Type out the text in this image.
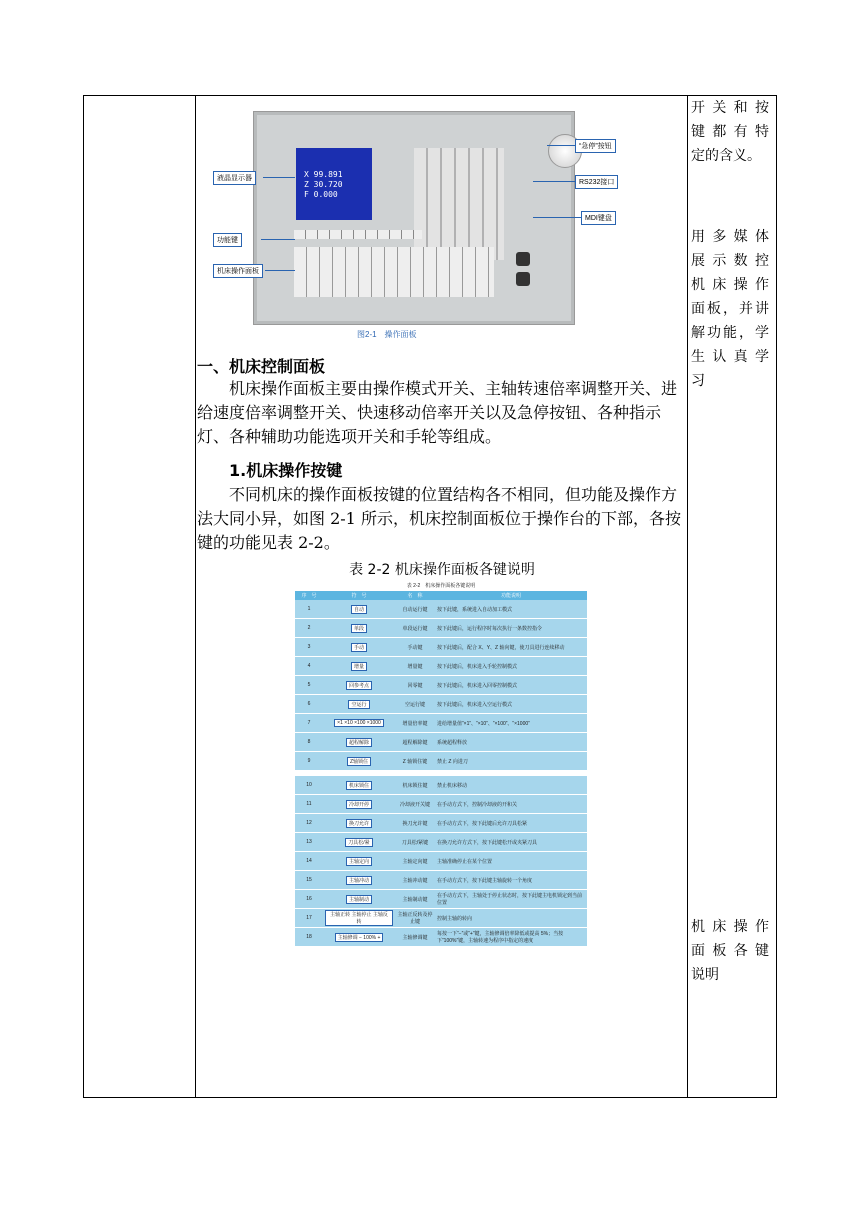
X 99.891
Z 30.720
F 0.000
液晶显示器
功能键
机床操作面板
“急停”按钮
RS232接口
MDI键盘
图2-1　操作面板
一、机床控制面板
机床操作面板主要由操作模式开关、主轴转速倍率调整开关、进给速度倍率调整开关、快速移动倍率开关以及急停按钮、各种指示灯、各种辅助功能选项开关和手轮等组成。
1.机床操作按键
不同机床的操作面板按键的位置结构各不相同，但功能及操作方法大同小异，如图 2-1 所示，机床控制面板位于操作台的下部，各按键的功能见表 2-2。
表 2-2 机床操作面板各键说明
表 2-2　机床操作面板各键说明
序　号	符　号	名　称	功能说明
1	自动	自动运行键	按下此键，系统进入自动加工模式
2	单段	单段运行键	按下此键后，运行程序时每次执行一条数控指令
3	手动	手动键	按下此键后，配合 X、Y、Z 轴向键，使刀具进行连续移动
4	增量	增量键	按下此键后，机床进入手轮控制模式
5	回参考点	回零键	按下此键后，机床进入回零控制模式
6	空运行	空运行键	按下此键后，机床进入空运行模式
7	×1 ×10 ×100 ×1000	增量倍率键	进给增量值“×1”、“×10”、“×100”、“×1000”
8	超程解除	超程解除键	系统超程释放
9	Z轴锁住	Z 轴锁住键	禁止 Z 向进刀
10	机床锁住	机床锁住键	禁止机床移动
11	冷却开停	冷却液开关键	在手动方式下，控制冷却液的开和关
12	换刀允许	换刀允许键	在手动方式下，按下此键后允许刀具松紧
13	刀具松/紧	刀具松/紧键	在换刀允许方式下，按下此键松开或夹紧刀具
14	主轴定向	主轴定向键	主轴准确停止在某个位置
15	主轴冲动	主轴冲动键	在手动方式下，按下此键主轴旋转一个角度
16	主轴制动	主轴制动键	在手动方式下，主轴处于停止状态时，按下此键主电机锁定到当前位置
17	主轴正转 主轴停止 主轴反转	主轴正反转及停止键	控制主轴的转向
18	主轴修调 − 100% +	主轴修调键	每按一下“−”或“+”键，主轴修调倍率降低或提高 5%；当按下“100%”键，主轴转速为程序中指定的速度
开 关 和 按
键 都 有 特
定的含义。
用 多 媒 体
展 示 数 控
机 床 操 作
面板，并讲
解功能，学
生 认 真 学
习
机 床 操 作
面 板 各 键
说明
